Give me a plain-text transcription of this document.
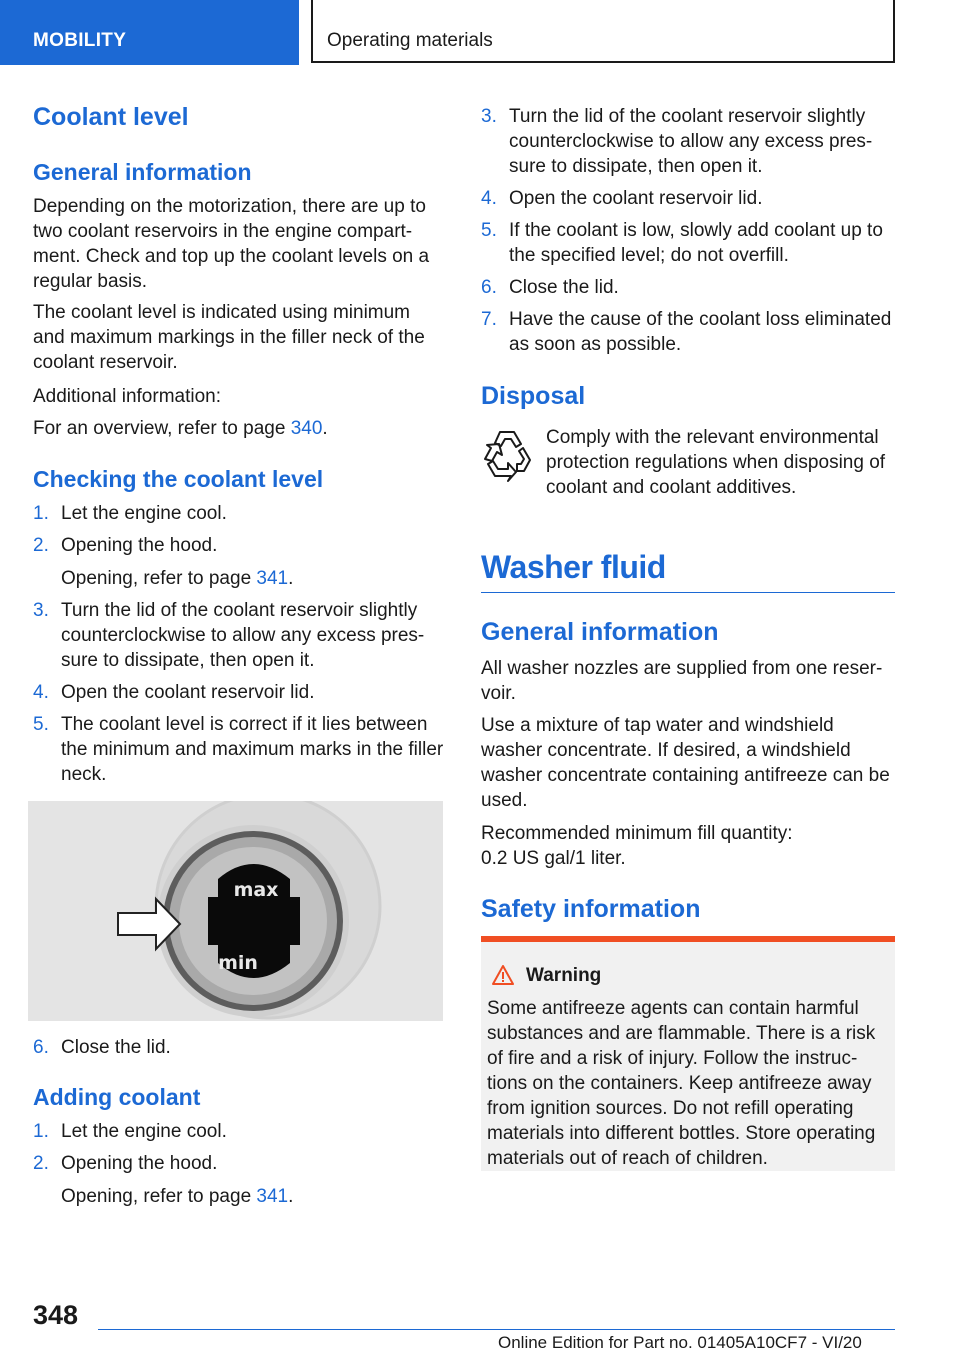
MOBILITY	Operating materials
Coolant level
General information

Depending on the motorization, there are up to two coolant reservoirs in the engine compart-ment. Check and top up the coolant levels on a regular basis.

The coolant level is indicated using minimum and maximum markings in the filler neck of the coolant reservoir.

Additional information:

For an overview, refer to page 340.

Checking the coolant level
1. Let the engine cool.
2. Opening the hood.
Opening, refer to page 341.
3. Turn the lid of the coolant reservoir slightly counterclockwise to allow any excess pres-sure to dissipate, then open it.
4. Open the coolant reservoir lid.
5. The coolant level is correct if it lies between the minimum and maximum marks in the filler neck.
6. Close the lid.
Adding coolant
1. Let the engine cool.
2. Opening the hood.
Opening, refer to page 341.
max
min
3. Turn the lid of the coolant reservoir slightly counterclockwise to allow any excess pres-sure to dissipate, then open it.
4. Open the coolant reservoir lid.
5. If the coolant is low, slowly add coolant up to the specified level; do not overfill.
6. Close the lid.
7. Have the cause of the coolant loss eliminated as soon as possible.
Disposal

Comply with the relevant environmental protection regulations when disposing of coolant and coolant additives.

Washer fluid
General information

All washer nozzles are supplied from one reser-voir.

Use a mixture of tap water and windshield washer concentrate. If desired, a windshield washer concentrate containing antifreeze can be used.

Recommended minimum fill quantity:

0.2 US gal/1 liter.

Safety information
Warning

Some antifreeze agents can contain harmful substances and are flammable. There is a risk of fire and a risk of injury. Follow the instruc-tions on the containers. Keep antifreeze away from ignition sources. Do not refill operating materials into different bottles. Store operating materials out of reach of children.

348
Online Edition for Part no. 01405A10CF7 - VI/20
